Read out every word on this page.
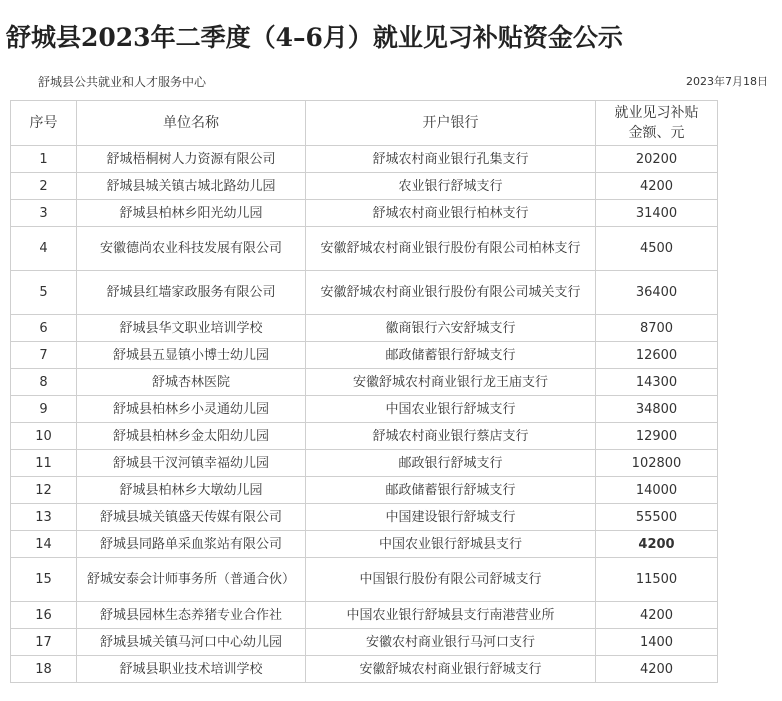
舒城县2023年二季度（4–6月）就业见习补贴资金公示
舒城县公共就业和人才服务中心	2023年7月18日
序号	单位名称	开户银行	就业见习补贴
金额、元
1	舒城梧桐树人力资源有限公司	舒城农村商业银行孔集支行	20200
2	舒城县城关镇古城北路幼儿园	农业银行舒城支行	4200
3	舒城县柏林乡阳光幼儿园	舒城农村商业银行柏林支行	31400
4	安徽德尚农业科技发展有限公司	安徽舒城农村商业银行股份有限公司柏林支行	4500
5	舒城县红墙家政服务有限公司	安徽舒城农村商业银行股份有限公司城关支行	36400
6	舒城县华文职业培训学校	徽商银行六安舒城支行	8700
7	舒城县五显镇小博士幼儿园	邮政储蓄银行舒城支行	12600
8	舒城杏林医院	安徽舒城农村商业银行龙王庙支行	14300
9	舒城县柏林乡小灵通幼儿园	中国农业银行舒城支行	34800
10	舒城县柏林乡金太阳幼儿园	舒城农村商业银行蔡店支行	12900
11	舒城县干汊河镇幸福幼儿园	邮政银行舒城支行	102800
12	舒城县柏林乡大墩幼儿园	邮政储蓄银行舒城支行	14000
13	舒城县城关镇盛天传媒有限公司	中国建设银行舒城支行	55500
14	舒城县同路单采血浆站有限公司	中国农业银行舒城县支行	4200
15	舒城安泰会计师事务所（普通合伙）	中国银行股份有限公司舒城支行	11500
16	舒城县园林生态养猪专业合作社	中国农业银行舒城县支行南港营业所	4200
17	舒城县城关镇马河口中心幼儿园	安徽农村商业银行马河口支行	1400
18	舒城县职业技术培训学校	安徽舒城农村商业银行舒城支行	4200
